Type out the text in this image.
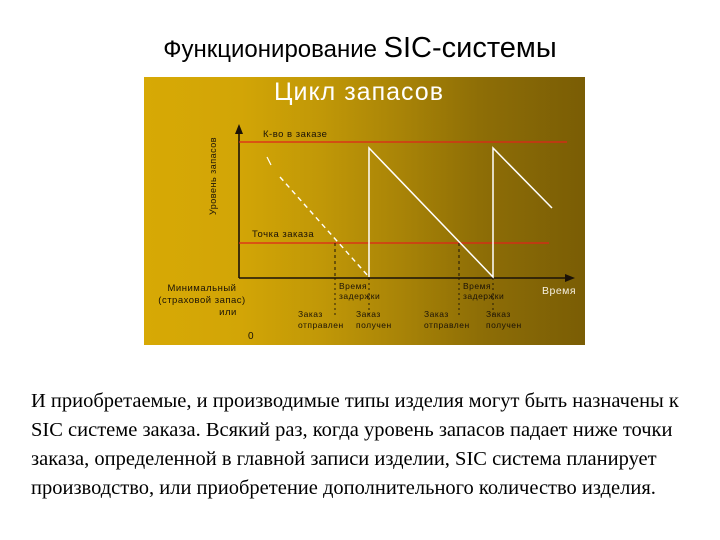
Функционирование SIC-системы
Цикл запасов
Уровень запасов
К-во в заказе
Точка заказа
Время
Минимальный
(страховой запас)
или
0
Время
задержки
Время
задержки
Заказ
отправлен
Заказ
получен
Заказ
отправлен
Заказ
получен

И приобретаемые, и производимые типы изделия могут быть назначены к SIC системе заказа. Всякий раз, когда уровень запасов падает ниже точки заказа, определенной в главной записи изделии, SIC система планирует производство, или приобретение дополнительного количество изделия.
